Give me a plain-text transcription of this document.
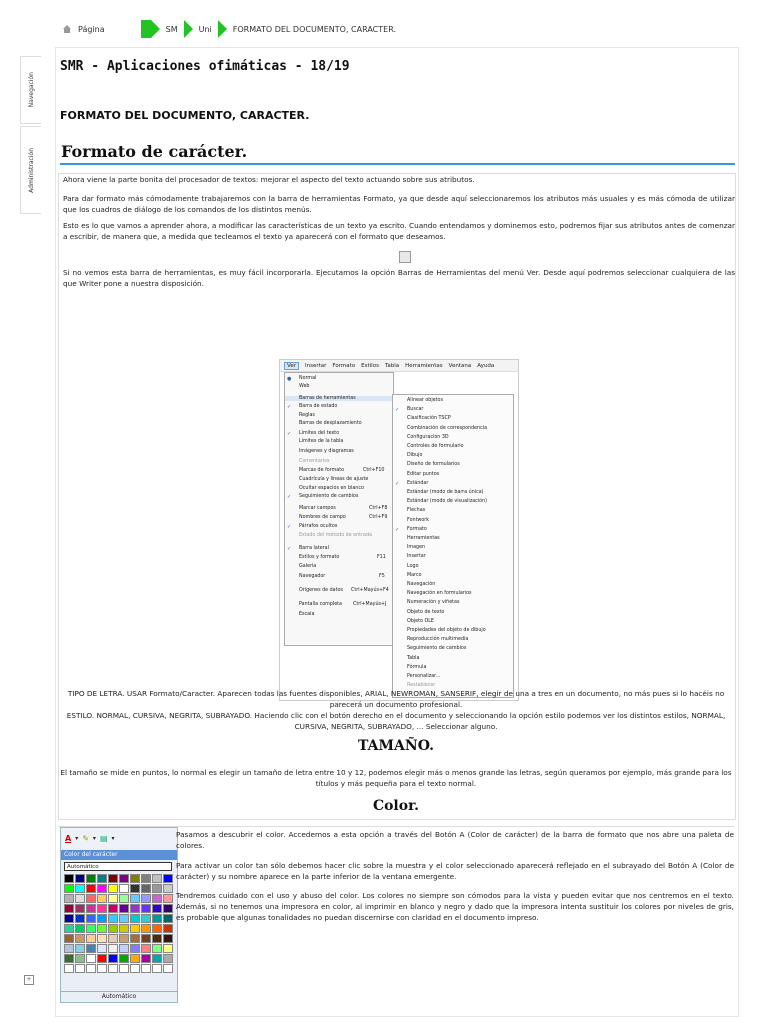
Página	SM	Uni	FORMATO DEL DOCUMENTO, CARACTER.
Navegación
Administración
+
SMR - Aplicaciones ofimáticas - 18/19
FORMATO DEL DOCUMENTO, CARACTER.
Formato de carácter.

Ahora viene la parte bonita del procesador de textos: mejorar el aspecto del texto actuando sobre sus atributos.

Para dar formato más cómodamente trabajaremos con la barra de herramientas Formato, ya que desde aquí seleccionaremos los atributos más usuales y es más cómoda de utilizar que los cuadros de diálogo de los comandos de los distintos menús.

Esto es lo que vamos a aprender ahora, a modificar las características de un texto ya escrito. Cuando entendamos y dominemos esto, podremos fijar sus atributos antes de comenzar a escribir, de manera que, a medida que tecleamos el texto ya aparecerá con el formato que deseamos.

Si no vemos esta barra de herramientas, es muy fácil incorporarla. Ejecutamos la opción Barras de Herramientas del menú Ver. Desde aquí podremos seleccionar cualquiera de las que Writer pone a nuestra disposición.

Ver	Insertar Formato Estilos Tabla Herramientas Ventana Ayuda
● Normal
Web
Barras de herramientas
✓ Barra de estado
Reglas
Barras de desplazamiento
✓ Límites del texto
Límites de la tabla
Imágenes y diagramas
Comentarios
Marcas de formato	Ctrl+F10
Cuadrícula y líneas de ajuste
Ocultar espacios en blanco
✓ Seguimiento de cambios
Marcar campos	Ctrl+F8
Nombres de campo	Ctrl+F9
✓ Párrafos ocultos
Estado del método de entrada
✓ Barra lateral
Estilos y formato	F11
Galería
Navegador	F5
Orígenes de datos Ctrl+Mayús+F4
Pantalla completa Ctrl+Mayús+J
Escala
Alinear objetos
✓ Buscar
Clasificación TSCP
Combinación de correspondencia
Configuración 3D
Controles de formulario
Dibujo
Diseño de formularios
Editar puntos
✓ Estándar
Estándar (modo de barra única)
Estándar (modo de visualización)
Flechas
Fontwork
✓ Formato
Herramientas
Imagen
Insertar
Logo
Marco
Navegación
Navegación en formularios
Numeración y viñetas
Objeto de texto
Objeto OLE
Propiedades del objeto de dibujo
Reproducción multimedia
Seguimiento de cambios
Tabla
Fórmula
Personalizar...
Restablecer

TIPO DE LETRA. USAR Formato/Caracter. Aparecen todas las fuentes disponibles, ARIAL, NEWROMAN, SANSERIF, elegir de una a tres en un documento, no más pues si lo hacéis no parecerá un documento profesional.

ESTILO. NORMAL, CURSIVA, NEGRITA, SUBRAYADO. Haciendo clic con el botón derecho en el documento y seleccionando la opción estilo podemos ver los distintos estilos, NORMAL, CURSIVA, NEGRITA, SUBRAYADO, ... Seleccionar alguno.

TAMAÑO.

El tamaño se mide en puntos, lo normal es elegir un tamaño de letra entre 10 y 12, podemos elegir más o menos grande las letras, según queramos por ejemplo, más grande para los títulos y más pequeña para el texto normal.

Color.
A ▾ ✎ ▾ ▤ ▾
Color del carácter
Automático
Automático

Pasamos a descubrir el color. Accedemos a esta opción a través del Botón A (Color de carácter) de la barra de formato que nos abre una paleta de colores.

Para activar un color tan sólo debemos hacer clic sobre la muestra y el color seleccionado aparecerá reflejado en el subrayado del Botón A (Color de carácter) y su nombre aparece en la parte inferior de la ventana emergente.

Tendremos cuidado con el uso y abuso del color. Los colores no siempre son cómodos para la vista y pueden evitar que nos centremos en el texto. Además, si no tenemos una impresora en color, al imprimir en blanco y negro y dado que la impresora intenta sustituir los colores por niveles de gris, es probable que algunas tonalidades no puedan discernirse con claridad en el documento impreso.
